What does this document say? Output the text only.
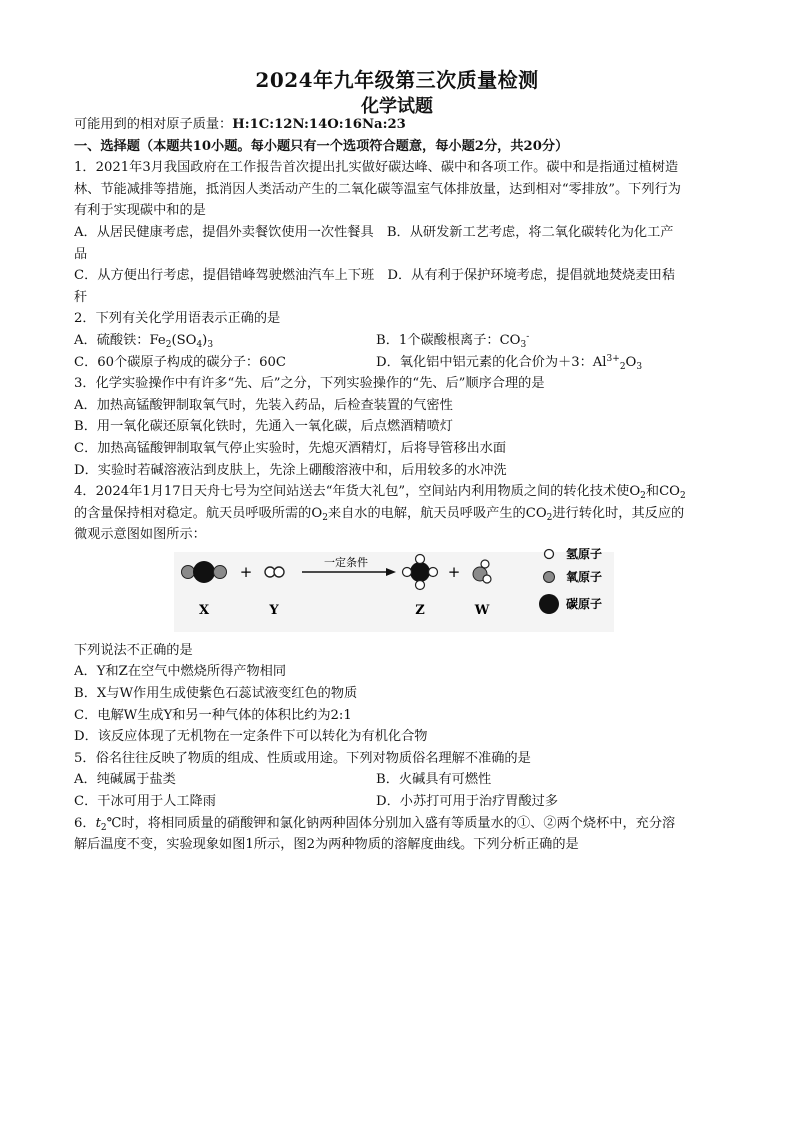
2024年九年级第三次质量检测
化学试题
可能用到的相对原子质量：H:1C:12N:14O:16Na:23
一、选择题（本题共10小题。每小题只有一个选项符合题意，每小题2分，共20分）
1．2021年3月我国政府在工作报告首次提出扎实做好碳达峰、碳中和各项工作。碳中和是指通过植树造
林、节能减排等措施，抵消因人类活动产生的二氧化碳等温室气体排放量，达到相对“零排放”。下列行为
有利于实现碳中和的是
A．从居民健康考虑，提倡外卖餐饮使用一次性餐具　B．从研发新工艺考虑，将二氧化碳转化为化工产
品
C．从方便出行考虑，提倡错峰驾驶燃油汽车上下班　D．从有利于保护环境考虑，提倡就地焚烧麦田秸
秆
2．下列有关化学用语表示正确的是
A．硫酸铁：$Fe_2(SO_4)_3$	B．1个碳酸根离子：$CO_3^-$
C．60个碳原子构成的碳分子：60C	D．氧化铝中铝元素的化合价为＋3：$Al^{3+}_2O_3$
3．化学实验操作中有许多“先、后”之分，下列实验操作的“先、后”顺序合理的是
A．加热高锰酸钾制取氧气时，先装入药品，后检查装置的气密性
B．用一氧化碳还原氧化铁时，先通入一氧化碳，后点燃酒精喷灯
C．加热高锰酸钾制取氧气停止实验时，先熄灭酒精灯，后将导管移出水面
D．实验时若碱溶液沾到皮肤上，先涂上硼酸溶液中和，后用较多的水冲洗
4．2024年1月17日天舟七号为空间站送去“年货大礼包”，空间站内利用物质之间的转化技术使$O_2$和$CO_2$
的含量保持相对稳定。航天员呼吸所需的$O_2$来自水的电解，航天员呼吸产生的$CO_2$进行转化时，其反应的
微观示意图如图所示：
+
一定条件
+
X	Y	Z	W
氢原子
氧原子
碳原子
下列说法不正确的是
A．Y和Z在空气中燃烧所得产物相同
B．X与W作用生成使紫色石蕊试液变红色的物质
C．电解W生成Y和另一种气体的体积比约为2:1
D．该反应体现了无机物在一定条件下可以转化为有机化合物
5．俗名往往反映了物质的组成、性质或用途。下列对物质俗名理解不准确的是
A．纯碱属于盐类	B．火碱具有可燃性
C．干冰可用于人工降雨	D．小苏打可用于治疗胃酸过多
6．$t_2℃$时，将相同质量的硝酸钾和氯化钠两种固体分别加入盛有等质量水的①、②两个烧杯中，充分溶
解后温度不变，实验现象如图1所示，图2为两种物质的溶解度曲线。下列分析正确的是
